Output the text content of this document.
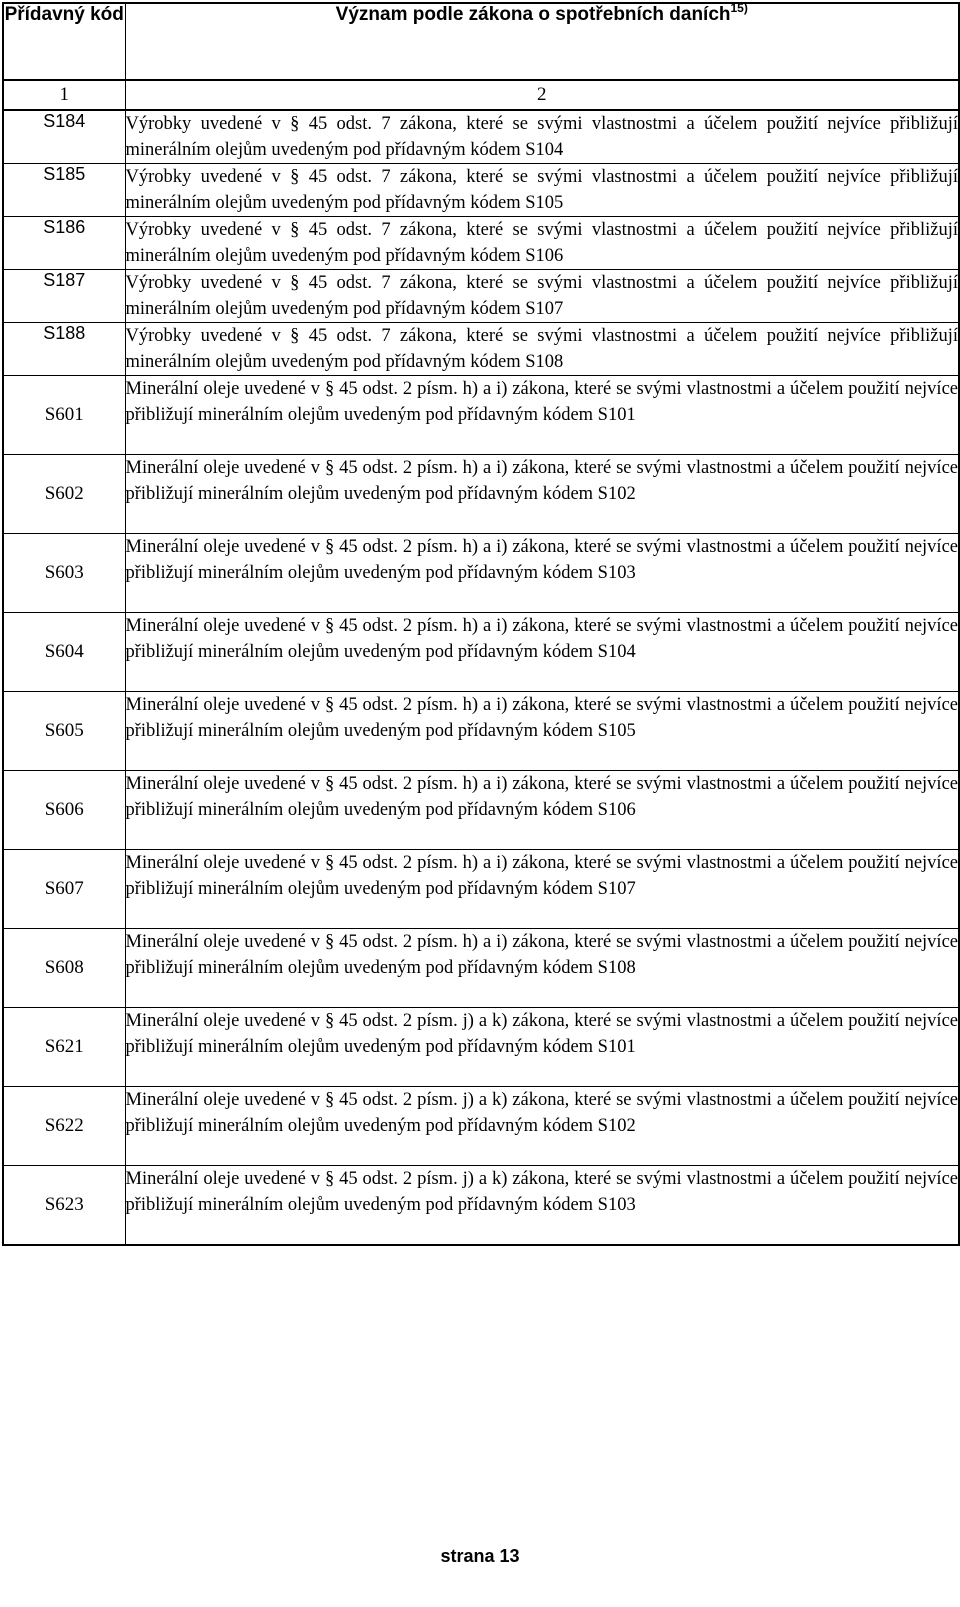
Přídavný kód	Význam podle zákona o spotřebních daních$^{15)}$
1	2
S184	Výrobky uvedené v § 45 odst. 7 zákona, které se svými vlastnostmi a účelem použití nejvíce přibližují minerálním olejům uvedeným pod přídavným kódem S104
S185	Výrobky uvedené v § 45 odst. 7 zákona, které se svými vlastnostmi a účelem použití nejvíce přibližují minerálním olejům uvedeným pod přídavným kódem S105
S186	Výrobky uvedené v § 45 odst. 7 zákona, které se svými vlastnostmi a účelem použití nejvíce přibližují minerálním olejům uvedeným pod přídavným kódem S106
S187	Výrobky uvedené v § 45 odst. 7 zákona, které se svými vlastnostmi a účelem použití nejvíce přibližují minerálním olejům uvedeným pod přídavným kódem S107
S188	Výrobky uvedené v § 45 odst. 7 zákona, které se svými vlastnostmi a účelem použití nejvíce přibližují minerálním olejům uvedeným pod přídavným kódem S108
S601	Minerální oleje uvedené v § 45 odst. 2 písm. h) a i) zákona, které se svými vlastnostmi a účelem použití nejvíce přibližují minerálním olejům uvedeným pod přídavným kódem S101
S602	Minerální oleje uvedené v § 45 odst. 2 písm. h) a i) zákona, které se svými vlastnostmi a účelem použití nejvíce přibližují minerálním olejům uvedeným pod přídavným kódem S102
S603	Minerální oleje uvedené v § 45 odst. 2 písm. h) a i) zákona, které se svými vlastnostmi a účelem použití nejvíce přibližují minerálním olejům uvedeným pod přídavným kódem S103
S604	Minerální oleje uvedené v § 45 odst. 2 písm. h) a i) zákona, které se svými vlastnostmi a účelem použití nejvíce přibližují minerálním olejům uvedeným pod přídavným kódem S104
S605	Minerální oleje uvedené v § 45 odst. 2 písm. h) a i) zákona, které se svými vlastnostmi a účelem použití nejvíce přibližují minerálním olejům uvedeným pod přídavným kódem S105
S606	Minerální oleje uvedené v § 45 odst. 2 písm. h) a i) zákona, které se svými vlastnostmi a účelem použití nejvíce přibližují minerálním olejům uvedeným pod přídavným kódem S106
S607	Minerální oleje uvedené v § 45 odst. 2 písm. h) a i) zákona, které se svými vlastnostmi a účelem použití nejvíce přibližují minerálním olejům uvedeným pod přídavným kódem S107
S608	Minerální oleje uvedené v § 45 odst. 2 písm. h) a i) zákona, které se svými vlastnostmi a účelem použití nejvíce přibližují minerálním olejům uvedeným pod přídavným kódem S108
S621	Minerální oleje uvedené v § 45 odst. 2 písm. j) a k) zákona, které se svými vlastnostmi a účelem použití nejvíce přibližují minerálním olejům uvedeným pod přídavným kódem S101
S622	Minerální oleje uvedené v § 45 odst. 2 písm. j) a k) zákona, které se svými vlastnostmi a účelem použití nejvíce přibližují minerálním olejům uvedeným pod přídavným kódem S102
S623	Minerální oleje uvedené v § 45 odst. 2 písm. j) a k) zákona, které se svými vlastnostmi a účelem použití nejvíce přibližují minerálním olejům uvedeným pod přídavným kódem S103
strana 13
